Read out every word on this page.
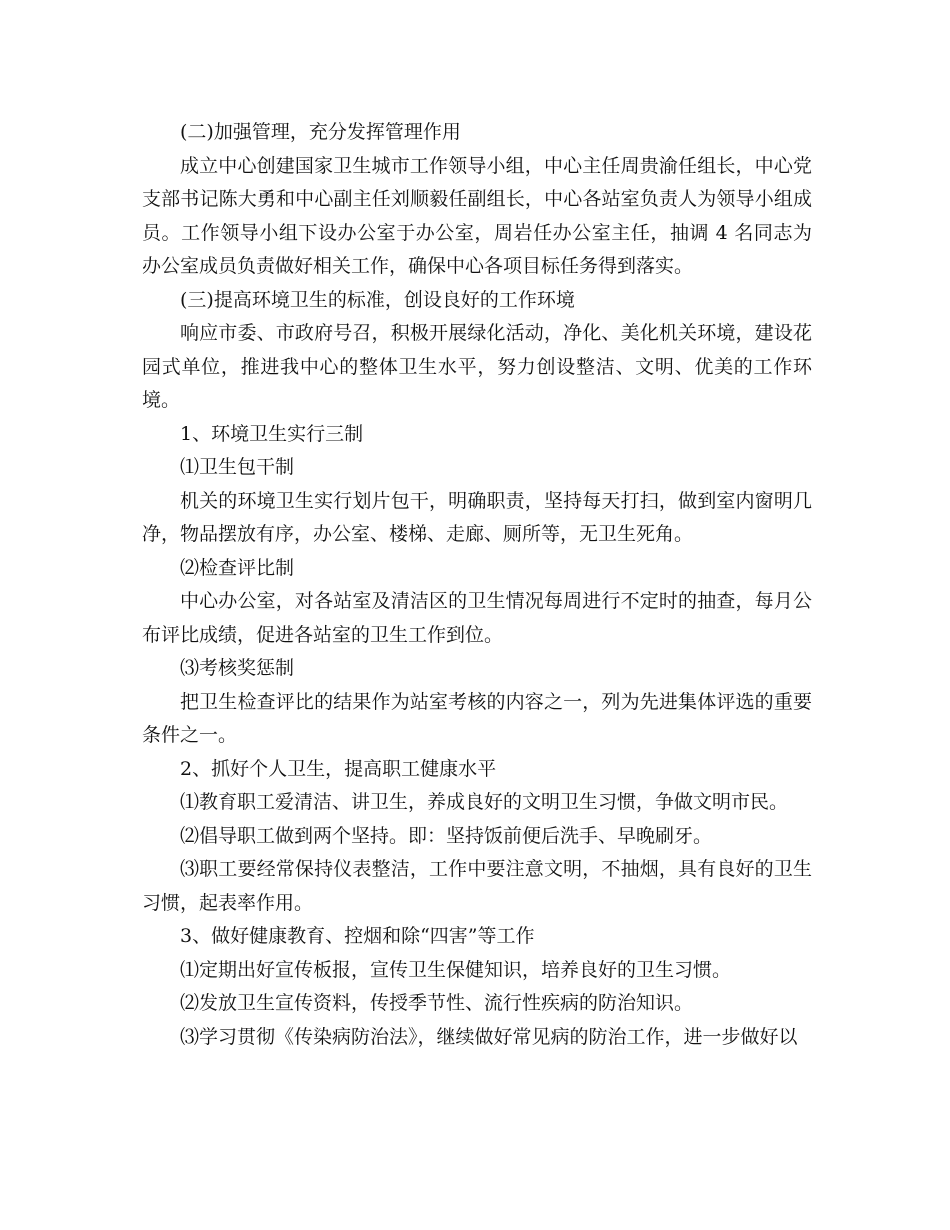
(二)加强管理，充分发挥管理作用

成立中心创建国家卫生城市工作领导小组，中心主任周贵渝任组长，中心党支部书记陈大勇和中心副主任刘顺毅任副组长，中心各站室负责人为领导小组成员。工作领导小组下设办公室于办公室，周岩任办公室主任，抽调 4 名同志为办公室成员负责做好相关工作，确保中心各项目标任务得到落实。

(三)提高环境卫生的标准，创设良好的工作环境

响应市委、市政府号召，积极开展绿化活动，净化、美化机关环境，建设花园式单位，推进我中心的整体卫生水平，努力创设整洁、文明、优美的工作环境。

1、环境卫生实行三制

⑴卫生包干制

机关的环境卫生实行划片包干，明确职责，坚持每天打扫，做到室内窗明几净，物品摆放有序，办公室、楼梯、走廊、厕所等，无卫生死角。

⑵检查评比制

中心办公室，对各站室及清洁区的卫生情况每周进行不定时的抽查，每月公布评比成绩，促进各站室的卫生工作到位。

⑶考核奖惩制

把卫生检查评比的结果作为站室考核的内容之一，列为先进集体评选的重要条件之一。

2、抓好个人卫生，提高职工健康水平

⑴教育职工爱清洁、讲卫生，养成良好的文明卫生习惯，争做文明市民。

⑵倡导职工做到两个坚持。即：坚持饭前便后洗手、早晚刷牙。

⑶职工要经常保持仪表整洁，工作中要注意文明，不抽烟，具有良好的卫生习惯，起表率作用。

3、做好健康教育、控烟和除“四害”等工作

⑴定期出好宣传板报，宣传卫生保健知识，培养良好的卫生习惯。

⑵发放卫生宣传资料，传授季节性、流行性疾病的防治知识。

⑶学习贯彻《传染病防治法》，继续做好常见病的防治工作，进一步做好以
